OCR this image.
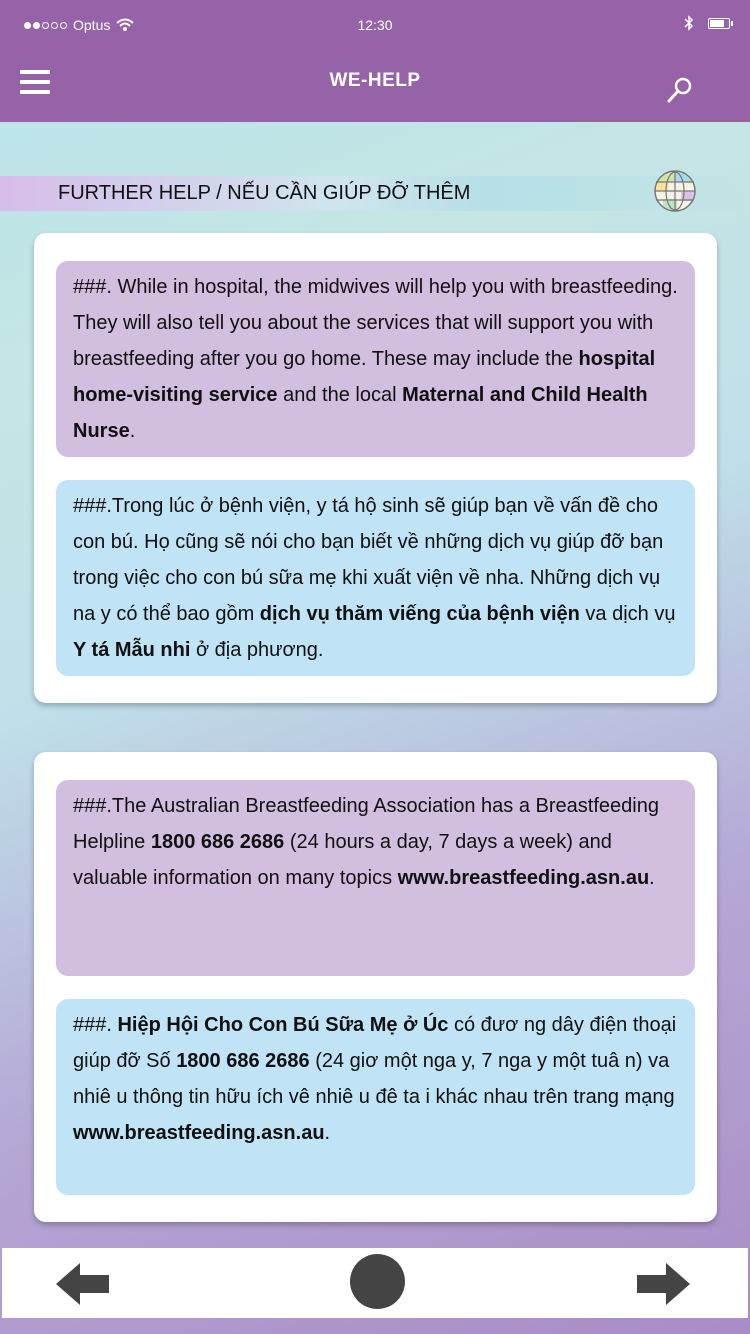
Optus	12:30
WE-HELP
FURTHER HELP / NẾU CẦN GIÚP ĐỠ THÊM
###. While in hospital, the midwives will help you with breastfeeding. They will also tell you about the services that will support you with breastfeeding after you go home. These may include the hospital home-visiting service and the local Maternal and Child Health Nurse.
###.Trong lúc ở bệnh viện, y tá hộ sinh sẽ giúp bạn về vấn đề cho con bú. Họ cũng sẽ nói cho bạn biết về những dịch vụ giúp đỡ bạn trong việc cho con bú sữa mẹ khi xuất viện về nha. Những dịch vụ na y có thể bao gồm dịch vụ thăm viếng của bệnh viện va dịch vụ Y tá Mẫu nhi ở địa phương.
###.The Australian Breastfeeding Association has a Breastfeeding Helpline 1800 686 2686 (24 hours a day, 7 days a week) and valuable information on many topics www.breastfeeding.asn.au.
###. Hiệp Hội Cho Con Bú Sữa Mẹ ở Úc có đươ ng dây điện thoại giúp đỡ Số 1800 686 2686 (24 giơ một nga y, 7 nga y một tuâ n) va nhiê u thông tin hữu ích vê nhiê u đê ta i khác nhau trên trang mạng www.breastfeeding.asn.au.
